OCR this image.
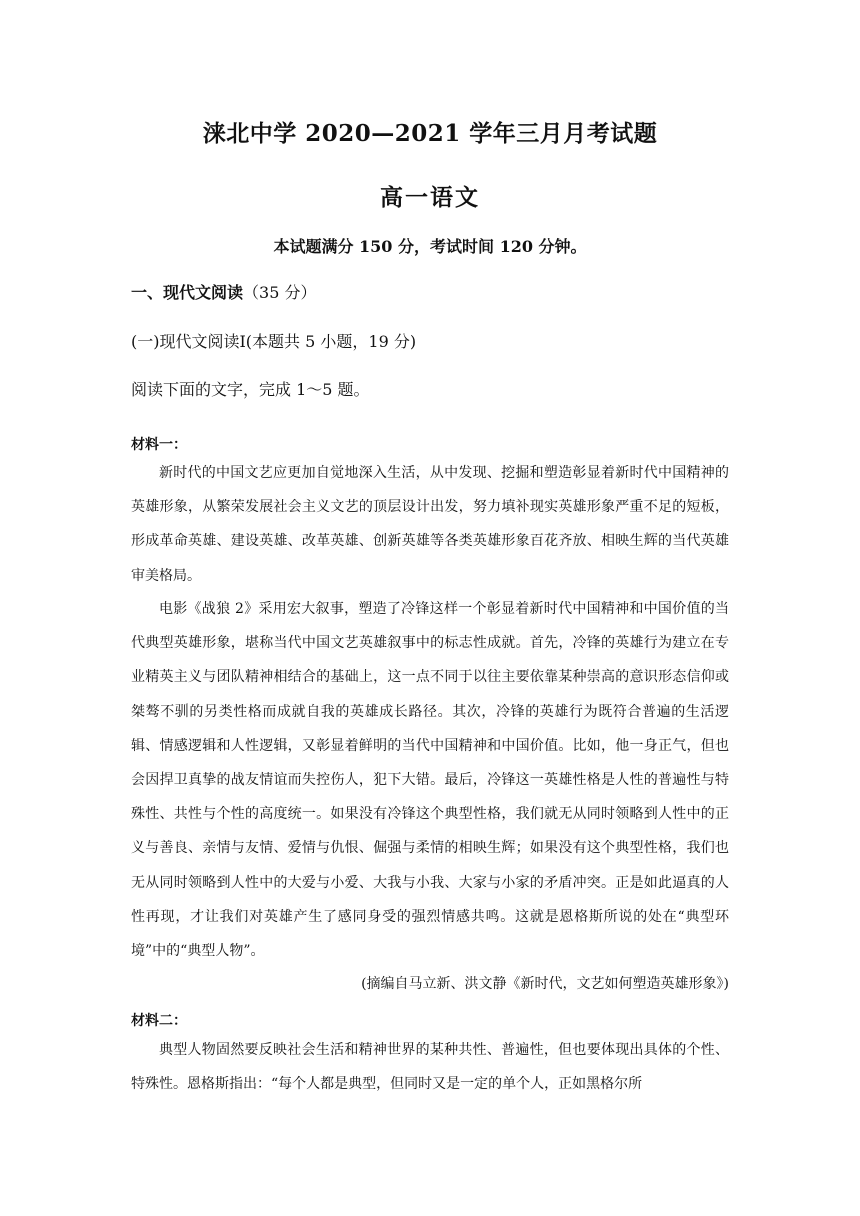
涞北中学 2020—2021 学年三月月考试题
高一语文
本试题满分 150 分，考试时间 120 分钟。
一、现代文阅读（35 分）
(一)现代文阅读Ⅰ(本题共 5 小题，19 分)
阅读下面的文字，完成 1～5 题。
材料一：

新时代的中国文艺应更加自觉地深入生活，从中发现、挖掘和塑造彰显着新时代中国精神的英雄形象，从繁荣发展社会主义文艺的顶层设计出发，努力填补现实英雄形象严重不足的短板，形成革命英雄、建设英雄、改革英雄、创新英雄等各类英雄形象百花齐放、相映生辉的当代英雄审美格局。

电影《战狼 2》采用宏大叙事，塑造了冷锋这样一个彰显着新时代中国精神和中国价值的当代典型英雄形象，堪称当代中国文艺英雄叙事中的标志性成就。首先，冷锋的英雄行为建立在专业精英主义与团队精神相结合的基础上，这一点不同于以往主要依靠某种崇高的意识形态信仰或桀骜不驯的另类性格而成就自我的英雄成长路径。其次，冷锋的英雄行为既符合普遍的生活逻辑、情感逻辑和人性逻辑，又彰显着鲜明的当代中国精神和中国价值。比如，他一身正气，但也会因捍卫真挚的战友情谊而失控伤人，犯下大错。最后，冷锋这一英雄性格是人性的普遍性与特殊性、共性与个性的高度统一。如果没有冷锋这个典型性格，我们就无从同时领略到人性中的正义与善良、亲情与友情、爱情与仇恨、倔强与柔情的相映生辉；如果没有这个典型性格，我们也无从同时领略到人性中的大爱与小爱、大我与小我、大家与小家的矛盾冲突。正是如此逼真的人性再现，才让我们对英雄产生了感同身受的强烈情感共鸣。这就是恩格斯所说的处在“典型环境”中的“典型人物”。

(摘编自马立新、洪文静《新时代，文艺如何塑造英雄形象》)
材料二：

典型人物固然要反映社会生活和精神世界的某种共性、普遍性，但也要体现出具体的个性、特殊性。恩格斯指出：“每个人都是典型，但同时又是一定的单个人，正如黑格尔所
